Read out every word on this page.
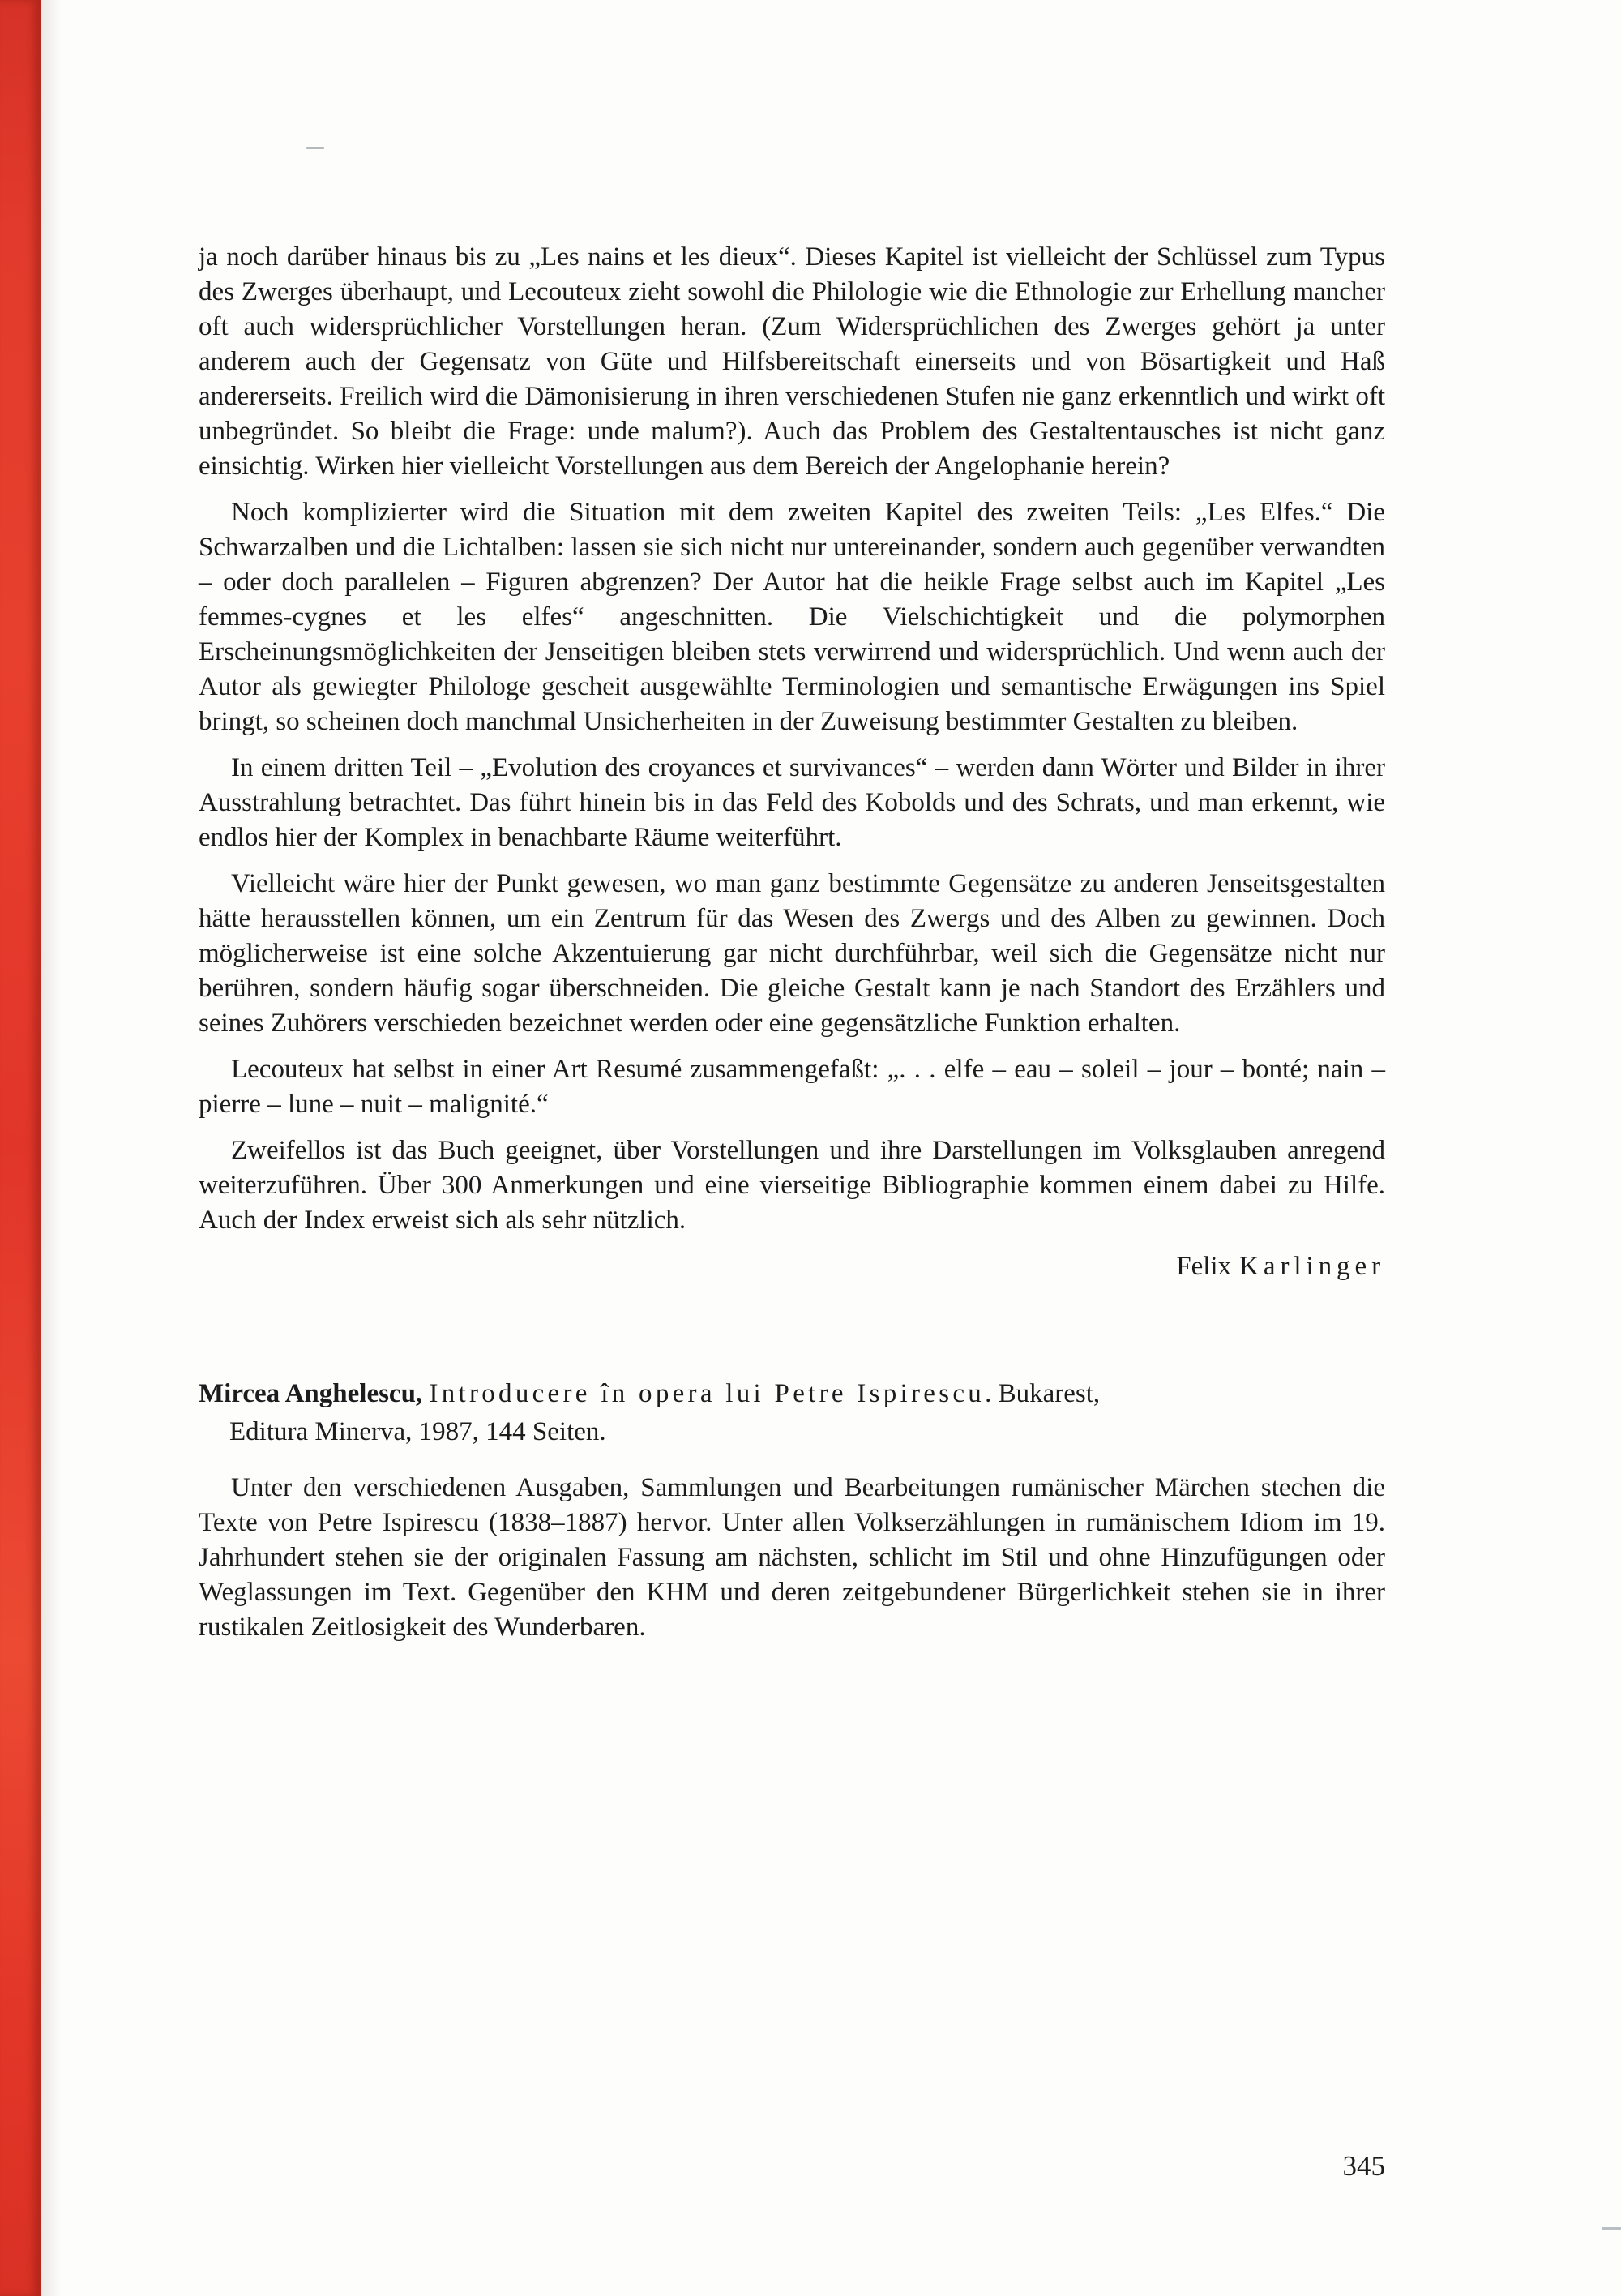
ja noch darüber hinaus bis zu „Les nains et les dieux“. Dieses Kapitel ist vielleicht der Schlüssel zum Typus des Zwerges überhaupt, und Lecouteux zieht sowohl die Philologie wie die Ethnologie zur Erhellung mancher oft auch widersprüchlicher Vorstellungen heran. (Zum Widersprüchlichen des Zwerges gehört ja unter anderem auch der Gegensatz von Güte und Hilfsbereitschaft einerseits und von Bösartigkeit und Haß andererseits. Freilich wird die Dämonisierung in ihren verschiedenen Stufen nie ganz erkenntlich und wirkt oft unbegründet. So bleibt die Frage: unde malum?). Auch das Problem des Gestaltentausches ist nicht ganz einsichtig. Wirken hier vielleicht Vorstellungen aus dem Bereich der Angelophanie herein?

Noch komplizierter wird die Situation mit dem zweiten Kapitel des zweiten Teils: „Les Elfes.“ Die Schwarzalben und die Lichtalben: lassen sie sich nicht nur untereinander, sondern auch gegenüber verwandten – oder doch parallelen – Figuren abgrenzen? Der Autor hat die heikle Frage selbst auch im Kapitel „Les femmes-cygnes et les elfes“ angeschnitten. Die Vielschichtigkeit und die polymorphen Erscheinungsmöglichkeiten der Jenseitigen bleiben stets verwirrend und widersprüchlich. Und wenn auch der Autor als gewiegter Philologe gescheit ausgewählte Terminologien und semantische Erwägungen ins Spiel bringt, so scheinen doch manchmal Unsicherheiten in der Zuweisung bestimmter Gestalten zu bleiben.

In einem dritten Teil – „Evolution des croyances et survivances“ – werden dann Wörter und Bilder in ihrer Ausstrahlung betrachtet. Das führt hinein bis in das Feld des Kobolds und des Schrats, und man erkennt, wie endlos hier der Komplex in benachbarte Räume weiterführt.

Vielleicht wäre hier der Punkt gewesen, wo man ganz bestimmte Gegensätze zu anderen Jenseitsgestalten hätte herausstellen können, um ein Zentrum für das Wesen des Zwergs und des Alben zu gewinnen. Doch möglicherweise ist eine solche Akzentuierung gar nicht durchführbar, weil sich die Gegensätze nicht nur berühren, sondern häufig sogar überschneiden. Die gleiche Gestalt kann je nach Standort des Erzählers und seines Zuhörers verschieden bezeichnet werden oder eine gegensätzliche Funktion erhalten.

Lecouteux hat selbst in einer Art Resumé zusammengefaßt: „. . . elfe – eau – soleil – jour – bonté; nain – pierre – lune – nuit – malignité.“

Zweifellos ist das Buch geeignet, über Vorstellungen und ihre Darstellungen im Volksglauben anregend weiterzuführen. Über 300 Anmerkungen und eine vierseitige Bibliographie kommen einem dabei zu Hilfe. Auch der Index erweist sich als sehr nützlich.

Felix Karlinger

Mircea Anghelescu, Introducere în opera lui Petre Ispirescu. Bukarest,
Editura Minerva, 1987, 144 Seiten.

Unter den verschiedenen Ausgaben, Sammlungen und Bearbeitungen rumänischer Märchen stechen die Texte von Petre Ispirescu (1838–1887) hervor. Unter allen Volkserzählungen in rumänischem Idiom im 19. Jahrhundert stehen sie der originalen Fassung am nächsten, schlicht im Stil und ohne Hinzufügungen oder Weglassungen im Text. Gegenüber den KHM und deren zeitgebundener Bürgerlichkeit stehen sie in ihrer rustikalen Zeitlosigkeit des Wunderbaren.

345
